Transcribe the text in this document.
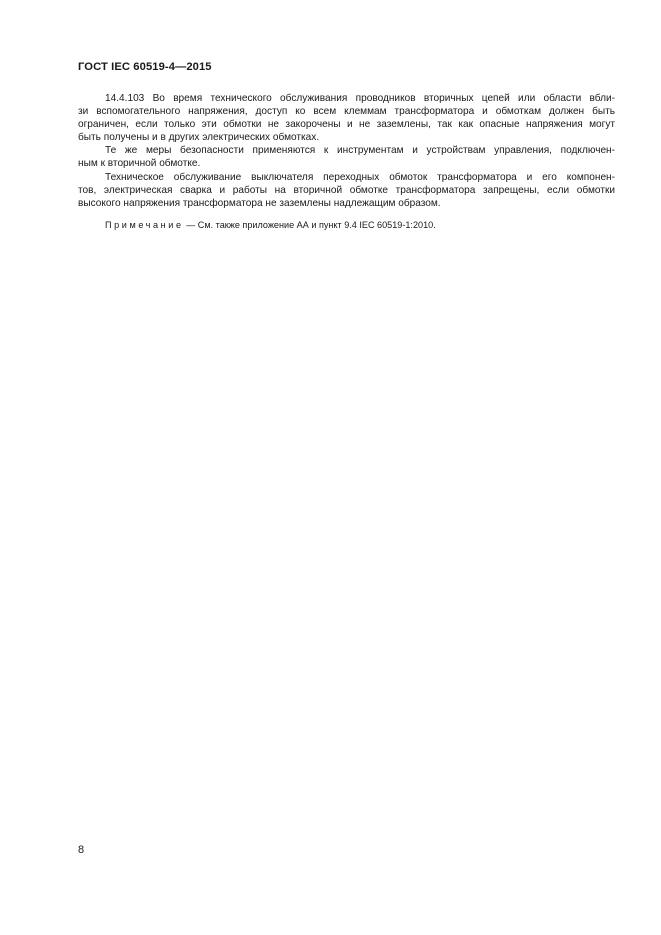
ГОСТ IEC 60519-4—2015
14.4.103 Во время технического обслуживания проводников вторичных цепей или области вбли-
зи вспомогательного напряжения, доступ ко всем клеммам трансформатора и обмоткам должен быть
ограничен, если только эти обмотки не закорочены и не заземлены, так как опасные напряжения могут
быть получены и в других электрических обмотках.
Те же меры безопасности применяются к инструментам и устройствам управления, подключен-
ным к вторичной обмотке.
Техническое обслуживание выключателя переходных обмоток трансформатора и его компонен-
тов, электрическая сварка и работы на вторичной обмотке трансформатора запрещены, если обмотки
высокого напряжения трансформатора не заземлены надлежащим образом.
Примечание — См. также приложение АА и пункт 9.4 IEC 60519-1:2010.
8
